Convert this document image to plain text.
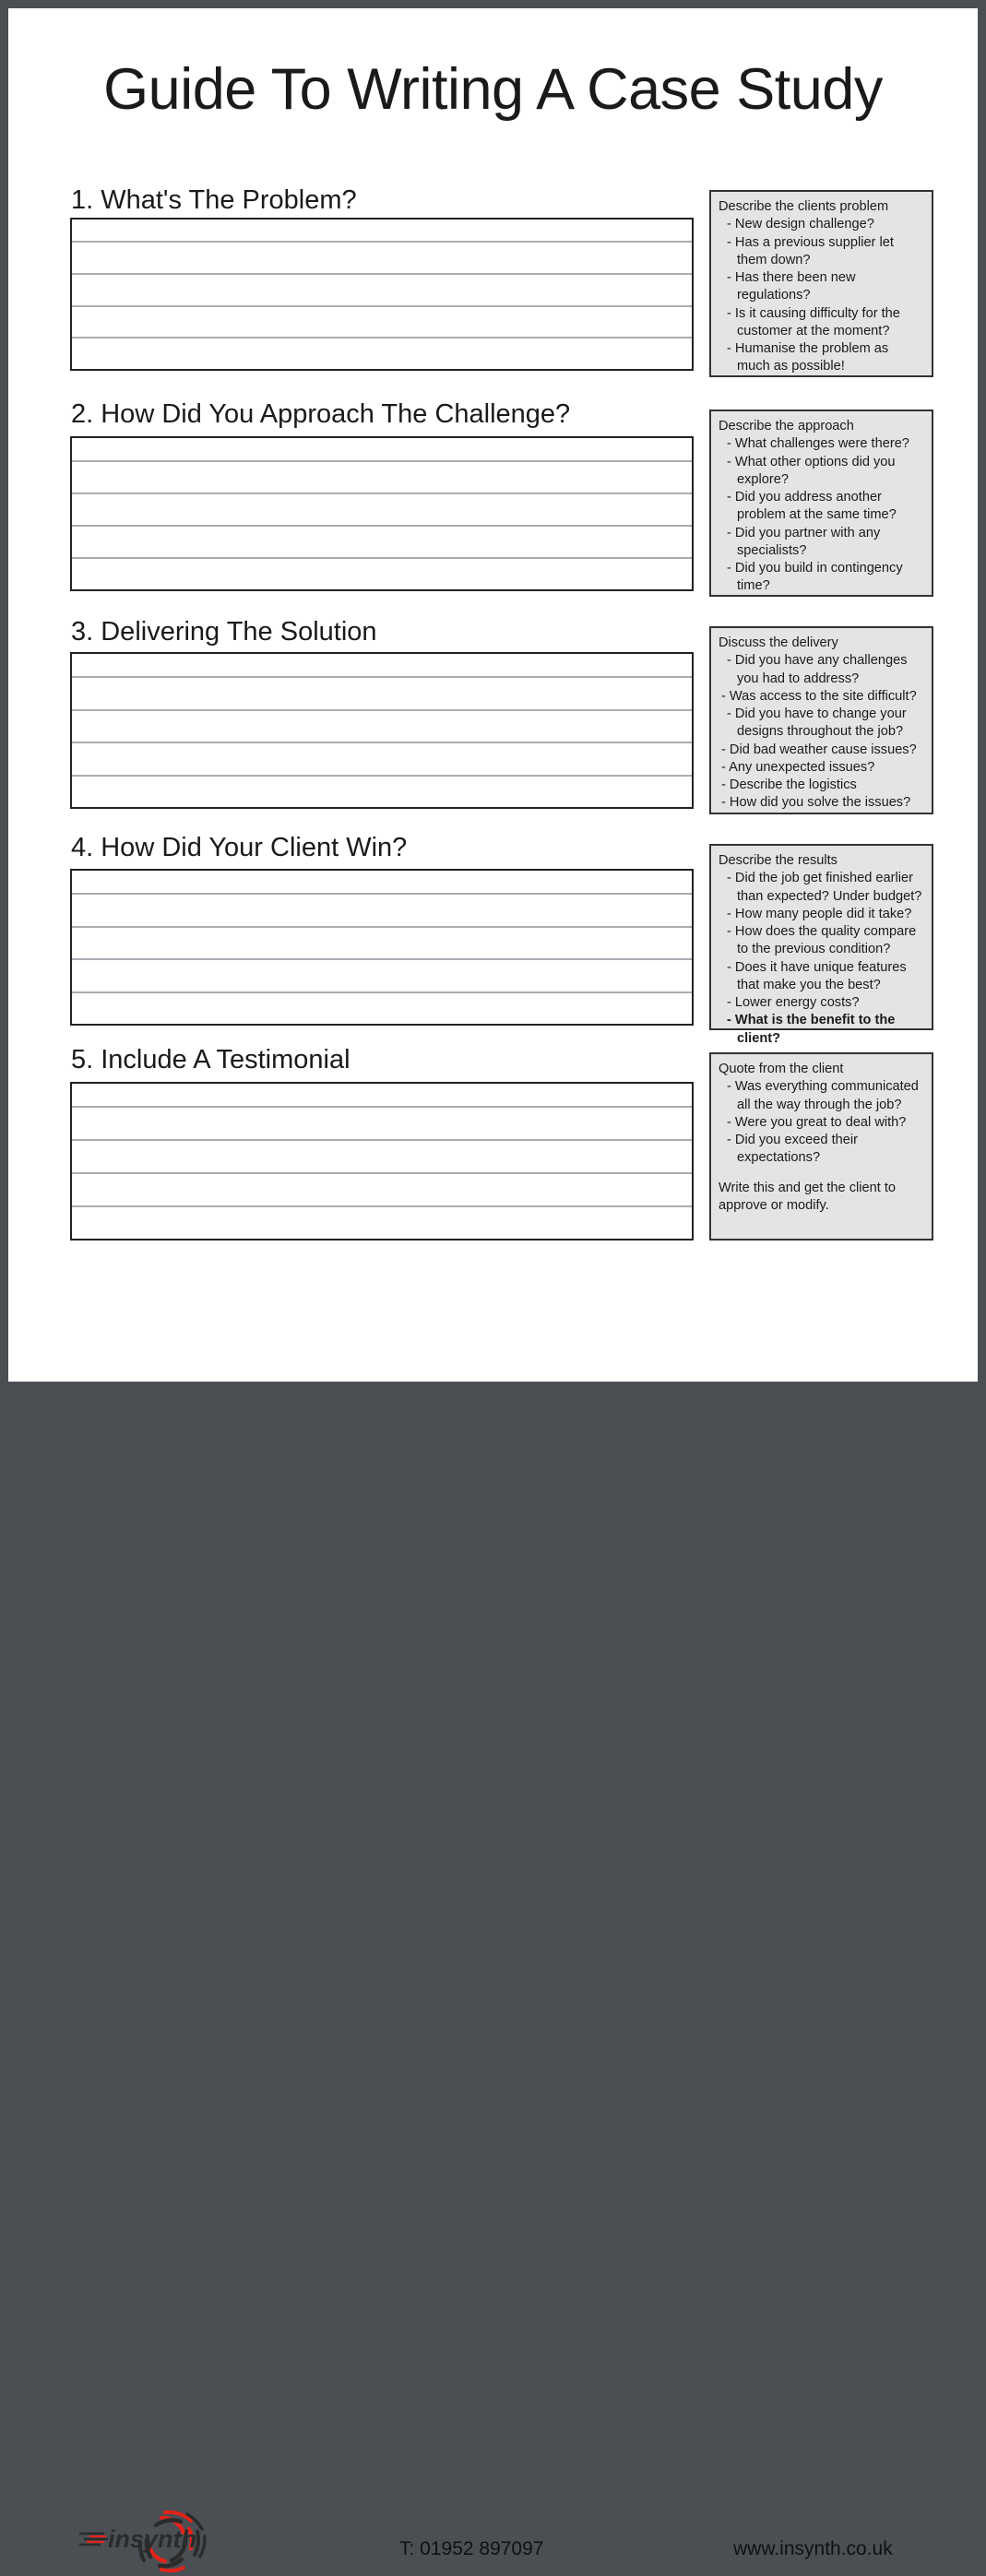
Guide To Writing A Case Study
1. What's The Problem?	Describe the clients problem
- New design challenge?
- Has a previous supplier let them down?
- Has there been new regulations?
- Is it causing difficulty for the customer at the moment?
- Humanise the problem as much as possible!
2. How Did You Approach The Challenge?	Describe the approach
- What challenges were there?
- What other options did you explore?
- Did you address another problem at the same time?
- Did you partner with any specialists?
- Did you build in contingency time?
3. Delivering The Solution	Discuss the delivery
- Did you have any challenges you had to address?
- Was access to the site difficult?
- Did you have to change your designs throughout the job?
- Did bad weather cause issues?
- Any unexpected issues?
- Describe the logistics
- How did you solve the issues?
4. How Did Your Client Win?	Describe the results
- Did the job get finished earlier than expected? Under budget?
- How many people did it take?
- How does the quality compare to the previous condition?
- Does it have unique features that make you the best?
- Lower energy costs?
- What is the benefit to the client?
5. Include A Testimonial	Quote from the client
- Was everything communicated all the way through the job?
- Were you great to deal with?
- Did you exceed their expectations?
Write this and get the client to approve or modify.
insynth	T: 01952 897097	www.insynth.co.uk
